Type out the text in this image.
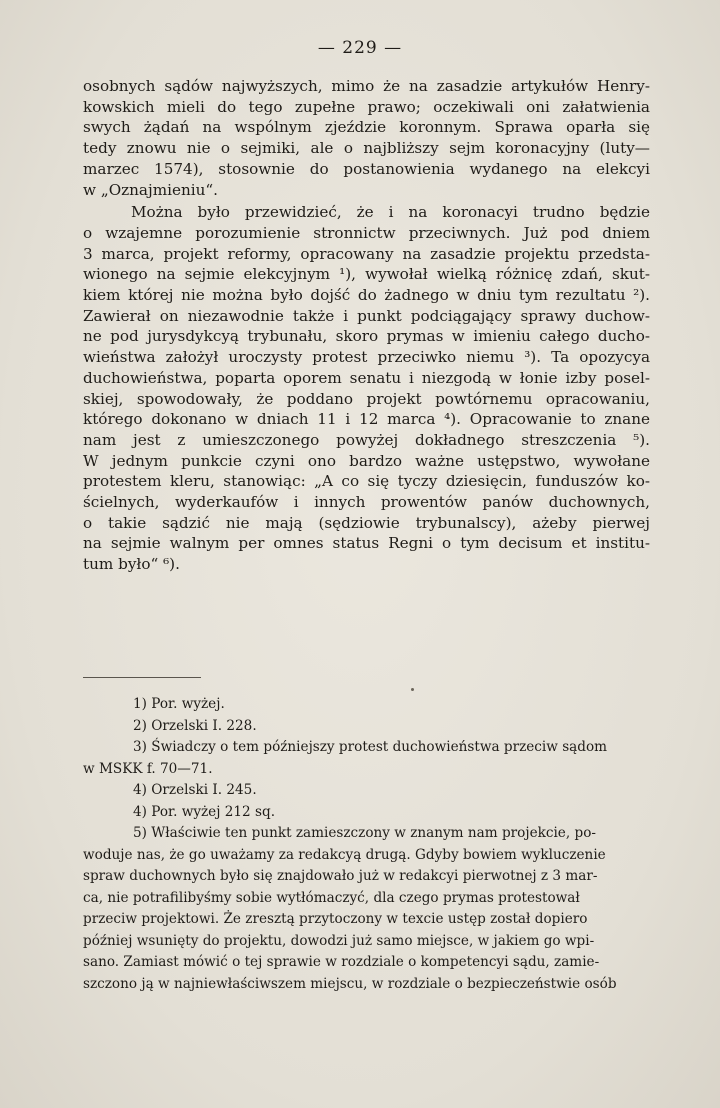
— 229 —

osobnych sądów najwyższych, mimo że na zasadzie artykułów Henry-
kowskich mieli do tego zupełne prawo; oczekiwali oni załatwienia
swych żądań na wspólnym zjeździe koronnym. Sprawa oparła się
tedy znowu nie o sejmiki, ale o najbliższy sejm koronacyjny (luty—
marzec 1574), stosownie do postanowienia wydanego na elekcyi
w „Oznajmieniu“.

Można było przewidzieć, że i na koronacyi trudno będzie
o wzajemne porozumienie stronnictw przeciwnych. Już pod dniem
3 marca, projekt reformy, opracowany na zasadzie projektu przedsta-
wionego na sejmie elekcyjnym ¹), wywołał wielką różnicę zdań, skut-
kiem której nie można było dojść do żadnego w dniu tym rezultatu ²).
Zawierał on niezawodnie także i punkt podciągający sprawy duchow-
ne pod jurysdykcyą trybunału, skoro prymas w imieniu całego ducho-
wieństwa założył uroczysty protest przeciwko niemu ³). Ta opozycya
duchowieństwa, poparta oporem senatu i niezgodą w łonie izby posel-
skiej, spowodowały, że poddano projekt powtórnemu opracowaniu,
którego dokonano w dniach 11 i 12 marca ⁴). Opracowanie to znane
nam jest z umieszczonego powyżej dokładnego streszczenia ⁵).
W jednym punkcie czyni ono bardzo ważne ustępstwo, wywołane
protestem kleru, stanowiąc: „A co się tyczy dziesięcin, funduszów ko-
ścielnych, wyderkaufów i innych prowentów panów duchownych,
o takie sądzić nie mają (sędziowie trybunalscy), ażeby pierwej
na sejmie walnym per omnes status Regni o tym decisum et institu-
tum było“ ⁶).

1) Por. wyżej.
2) Orzelski I. 228.
3) Świadczy o tem późniejszy protest duchowieństwa przeciw sądom
w MSKK f. 70—71.
4) Orzelski I. 245.
4) Por. wyżej 212 sq.
5) Właściwie ten punkt zamieszczony w znanym nam projekcie, po-
woduje nas, że go uważamy za redakcyą drugą. Gdyby bowiem wykluczenie
spraw duchownych było się znajdowało już w redakcyi pierwotnej z 3 mar-
ca, nie potrafilibyśmy sobie wytłómaczyć, dla czego prymas protestował
przeciw projektowi. Że zresztą przytoczony w texcie ustęp został dopiero
później wsunięty do projektu, dowodzi już samo miejsce, w jakiem go wpi-
sano. Zamiast mówić o tej sprawie w rozdziale o kompetencyi sądu, zamie-
szczono ją w najniewłaściwszem miejscu, w rozdziale o bezpieczeństwie osób
